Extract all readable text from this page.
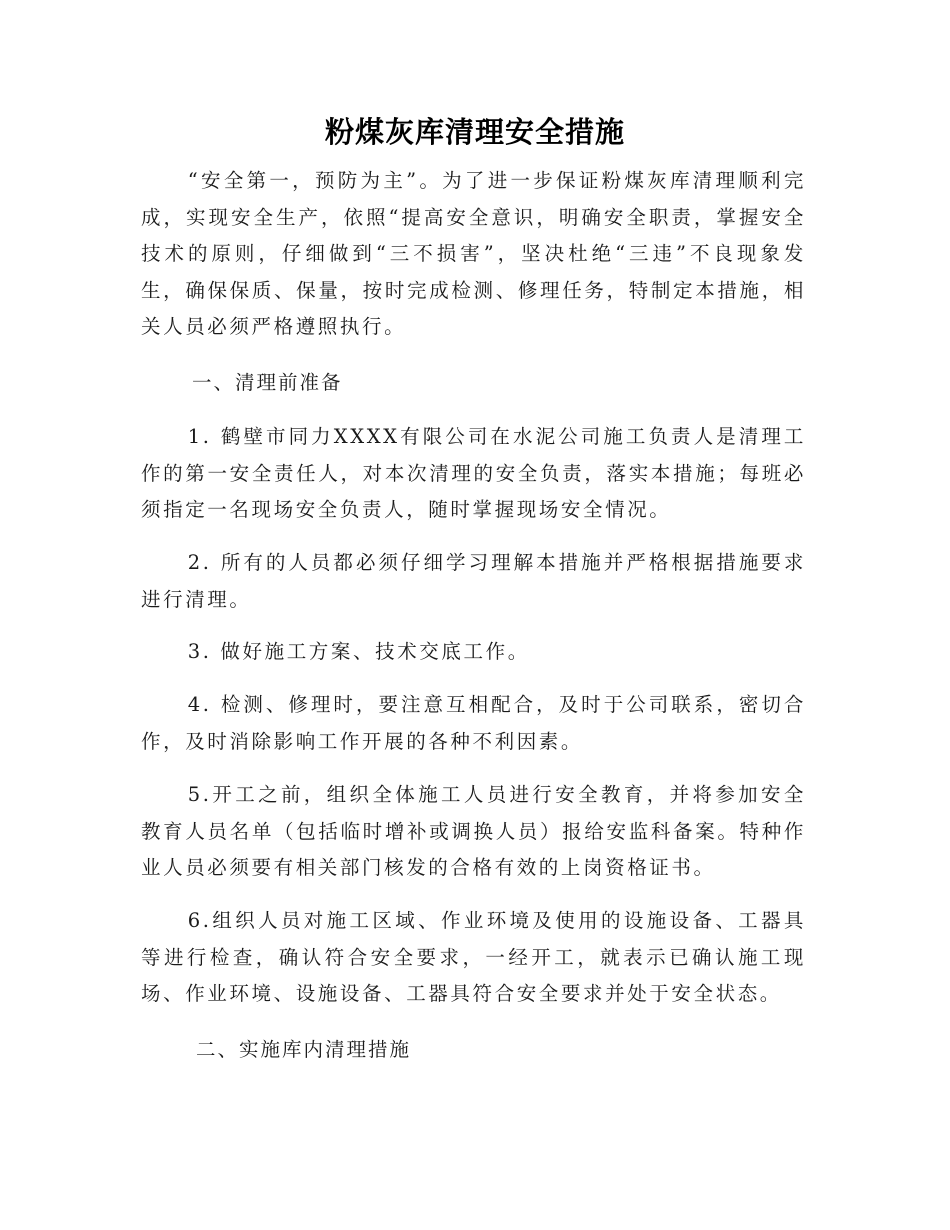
粉煤灰库清理安全措施

“安全第一，预防为主”。为了进一步保证粉煤灰库清理顺利完成，实现安全生产，依照“提高安全意识，明确安全职责，掌握安全技术的原则，仔细做到“三不损害”，坚决杜绝“三违”不良现象发生，确保保质、保量，按时完成检测、修理任务，特制定本措施，相关人员必须严格遵照执行。

一、清理前准备

1. 鹤壁市同力XXXX有限公司在水泥公司施工负责人是清理工作的第一安全责任人，对本次清理的安全负责，落实本措施；每班必须指定一名现场安全负责人，随时掌握现场安全情况。

2. 所有的人员都必须仔细学习理解本措施并严格根据措施要求进行清理。

3. 做好施工方案、技术交底工作。

4. 检测、修理时，要注意互相配合，及时于公司联系，密切合作，及时消除影响工作开展的各种不利因素。

5.开工之前，组织全体施工人员进行安全教育，并将参加安全教育人员名单（包括临时增补或调换人员）报给安监科备案。特种作业人员必须要有相关部门核发的合格有效的上岗资格证书。

6.组织人员对施工区域、作业环境及使用的设施设备、工器具等进行检查，确认符合安全要求，一经开工，就表示已确认施工现场、作业环境、设施设备、工器具符合安全要求并处于安全状态。

二、实施库内清理措施
